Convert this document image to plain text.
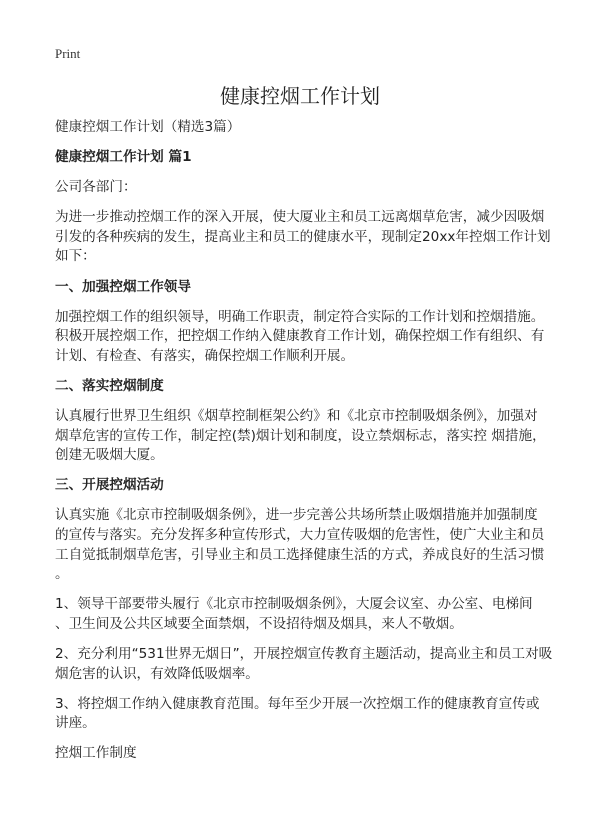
Print
健康控烟工作计划
健康控烟工作计划（精选3篇）
健康控烟工作计划 篇1
公司各部门：
为进一步推动控烟工作的深入开展，使大厦业主和员工远离烟草危害，减少因吸烟
引发的各种疾病的发生，提高业主和员工的健康水平，现制定20xx年控烟工作计划
如下：
一、加强控烟工作领导
加强控烟工作的组织领导，明确工作职责，制定符合实际的工作计划和控烟措施。
积极开展控烟工作，把控烟工作纳入健康教育工作计划，确保控烟工作有组织、有
计划、有检查、有落实，确保控烟工作顺利开展。
二、落实控烟制度
认真履行世界卫生组织《烟草控制框架公约》和《北京市控制吸烟条例》，加强对
烟草危害的宣传工作，制定控(禁)烟计划和制度，设立禁烟标志，落实控 烟措施，
创建无吸烟大厦。
三、开展控烟活动
认真实施《北京市控制吸烟条例》，进一步完善公共场所禁止吸烟措施并加强制度
的宣传与落实。充分发挥多种宣传形式，大力宣传吸烟的危害性，使广大业主和员
工自觉抵制烟草危害，引导业主和员工选择健康生活的方式，养成良好的生活习惯
。
1、领导干部要带头履行《北京市控制吸烟条例》，大厦会议室、办公室、电梯间
、卫生间及公共区域要全面禁烟，不设招待烟及烟具，来人不敬烟。
2、充分利用“531世界无烟日”，开展控烟宣传教育主题活动，提高业主和员工对吸
烟危害的认识，有效降低吸烟率。
3、将控烟工作纳入健康教育范围。每年至少开展一次控烟工作的健康教育宣传或
讲座。
控烟工作制度
